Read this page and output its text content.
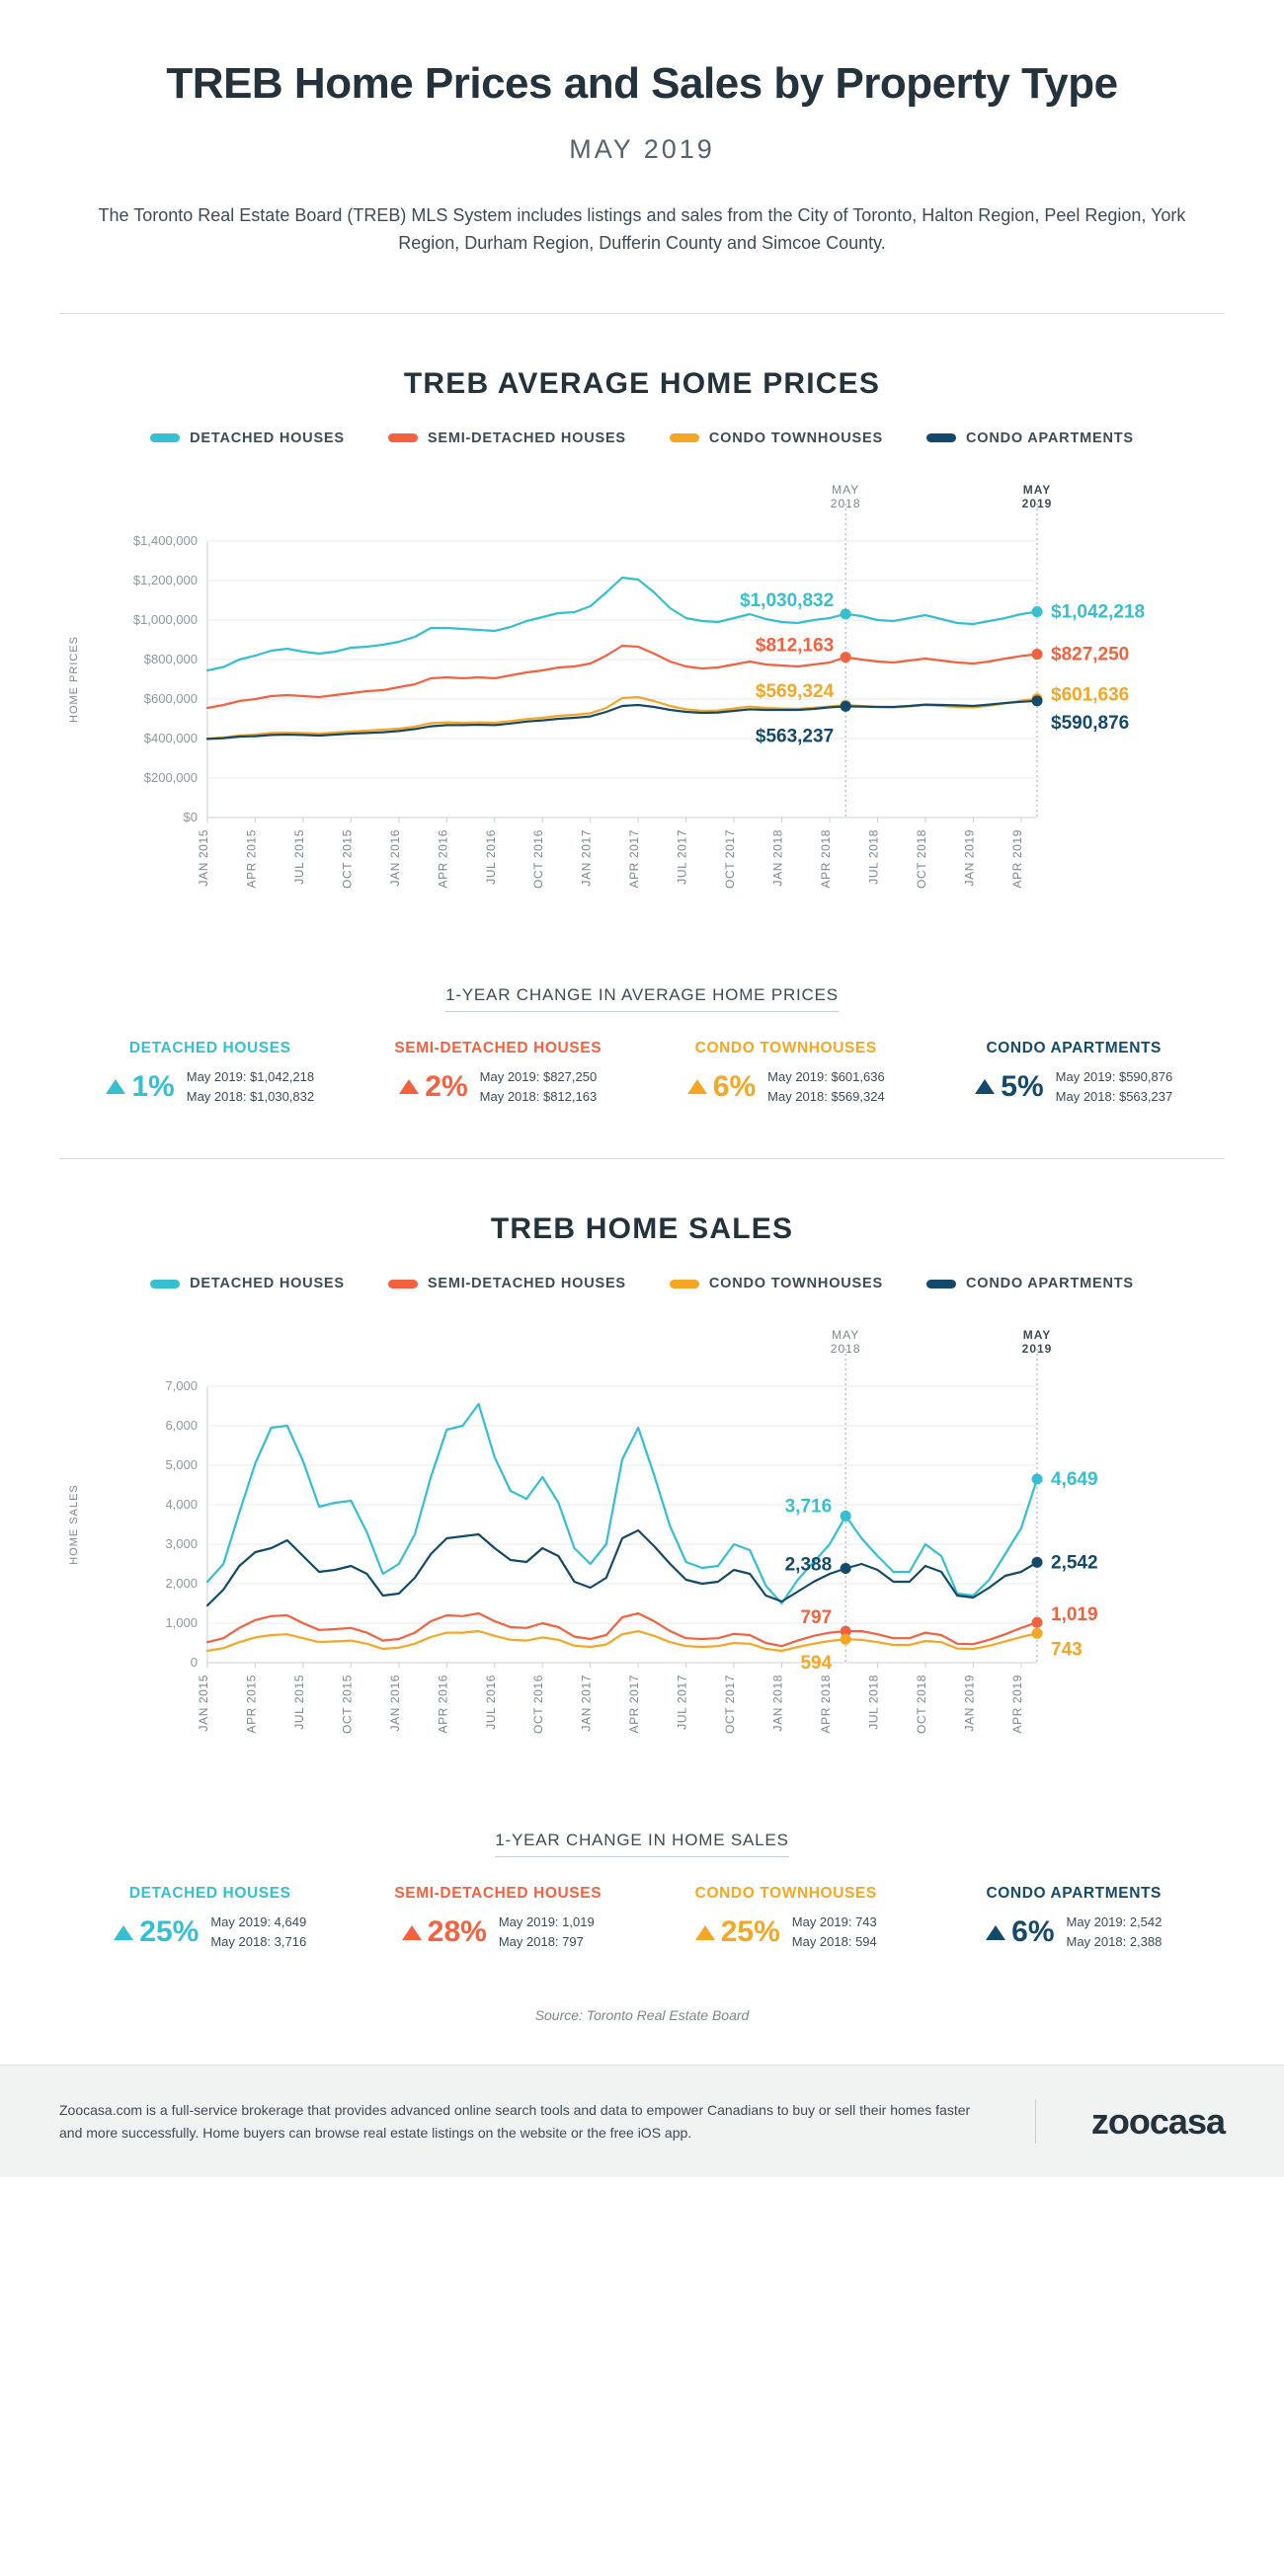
TREB Home Prices and Sales by Property Type
MAY 2019

The Toronto Real Estate Board (TREB) MLS System includes listings and sales from the City of Toronto, Halton Region, Peel Region, York Region, Durham Region, Dufferin County and Simcoe County.

TREB AVERAGE HOME PRICES
DETACHED HOUSES	SEMI-DETACHED HOUSES	CONDO TOWNHOUSES	CONDO APARTMENTS
$0
$200,000
$400,000
$600,000
$800,000
$1,000,000
$1,200,000
$1,400,000
HOME PRICES
JAN 2015	APR 2015	JUL 2015	OCT 2015	JAN 2016	APR 2016	JUL 2016	OCT 2016	JAN 2017	APR 2017	JUL 2017	OCT 2017	JAN 2018	APR 2018	JUL 2018	OCT 2018	JAN 2019	APR 2019
MAY
2018
MAY
2019
$1,030,832
$812,163
$569,324
$563,237
$1,042,218
$827,250
$601,636
$590,876
1-YEAR CHANGE IN AVERAGE HOME PRICES
DETACHED HOUSES
1% May 2019: $1,042,218
May 2018: $1,030,832
SEMI-DETACHED HOUSES
2% May 2019: $827,250
May 2018: $812,163
CONDO TOWNHOUSES
6% May 2019: $601,636
May 2018: $569,324
CONDO APARTMENTS
5% May 2019: $590,876
May 2018: $563,237
TREB HOME SALES
DETACHED HOUSES	SEMI-DETACHED HOUSES	CONDO TOWNHOUSES	CONDO APARTMENTS
0
1,000
2,000
3,000
4,000
5,000
6,000
7,000
HOME SALES
JAN 2015	APR 2015	JUL 2015	OCT 2015	JAN 2016	APR 2016	JUL 2016	OCT 2016	JAN 2017	APR 2017	JUL 2017	OCT 2017	JAN 2018	APR 2018	JUL 2018	OCT 2018	JAN 2019	APR 2019
MAY
2018
MAY
2019
3,716
2,388
797
594
4,649
2,542
1,019
743
1-YEAR CHANGE IN HOME SALES
DETACHED HOUSES
25% May 2019: 4,649
May 2018: 3,716
SEMI-DETACHED HOUSES
28% May 2019: 1,019
May 2018: 797
CONDO TOWNHOUSES
25% May 2019: 743
May 2018: 594
CONDO APARTMENTS
6% May 2019: 2,542
May 2018: 2,388
Source: Toronto Real Estate Board
Zoocasa.com is a full-service brokerage that provides advanced online search tools and data to empower Canadians to buy or sell their homes faster and more successfully. Home buyers can browse real estate listings on the website or the free iOS app.	zoocasa
